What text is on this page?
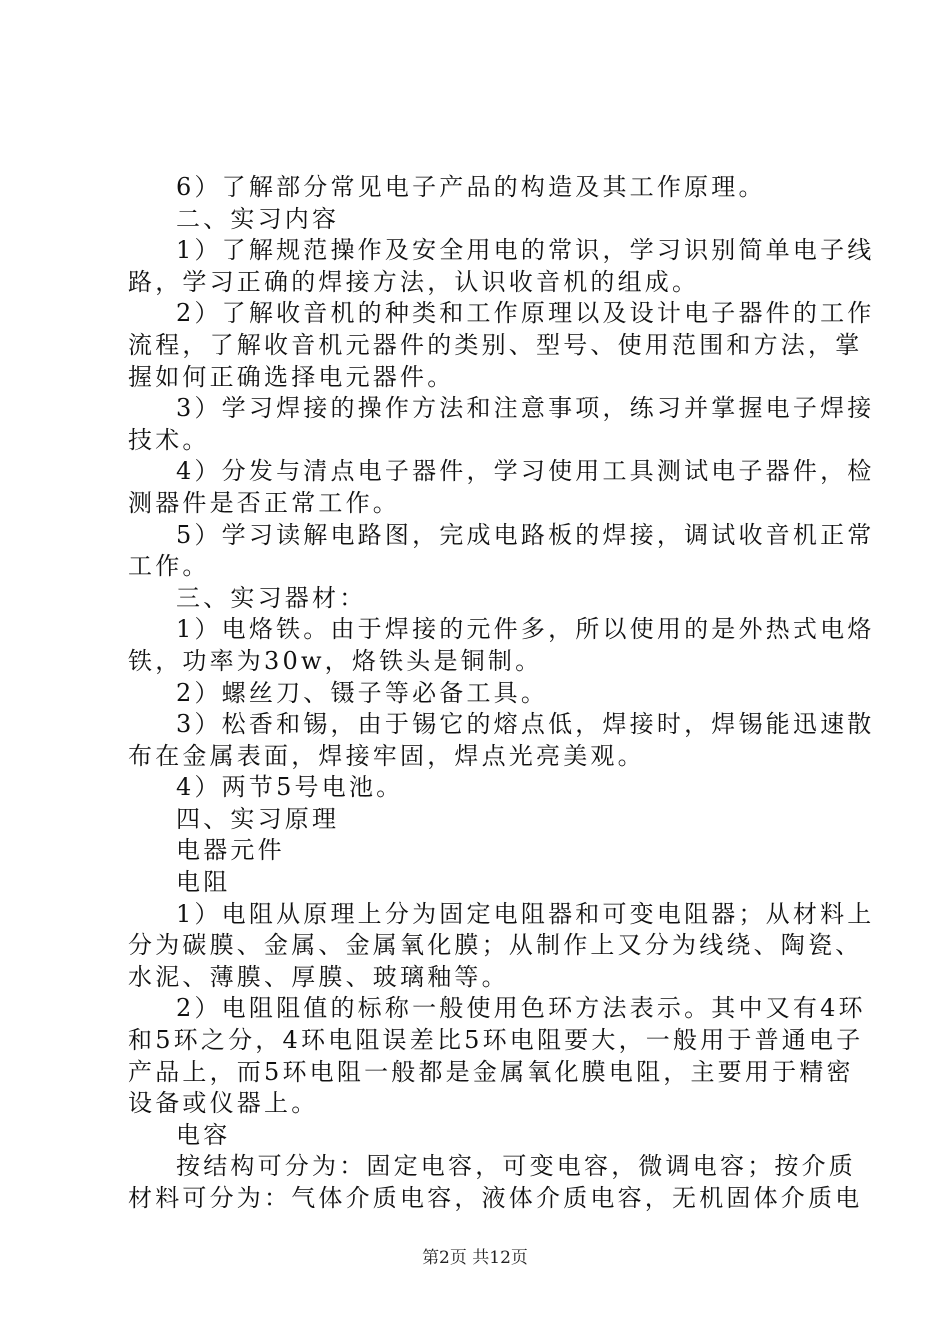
6）了解部分常见电子产品的构造及其工作原理。
二、实习内容
1）了解规范操作及安全用电的常识，学习识别简单电子线
路，学习正确的焊接方法，认识收音机的组成。
2）了解收音机的种类和工作原理以及设计电子器件的工作
流程，了解收音机元器件的类别、型号、使用范围和方法，掌
握如何正确选择电元器件。
3）学习焊接的操作方法和注意事项，练习并掌握电子焊接
技术。
4）分发与清点电子器件，学习使用工具测试电子器件，检
测器件是否正常工作。
5）学习读解电路图，完成电路板的焊接，调试收音机正常
工作。
三、实习器材：
1）电烙铁。由于焊接的元件多，所以使用的是外热式电烙
铁，功率为30w，烙铁头是铜制。
2）螺丝刀、镊子等必备工具。
3）松香和锡，由于锡它的熔点低，焊接时，焊锡能迅速散
布在金属表面，焊接牢固，焊点光亮美观。
4）两节5号电池。
四、实习原理
电器元件
电阻
1）电阻从原理上分为固定电阻器和可变电阻器；从材料上
分为碳膜、金属、金属氧化膜；从制作上又分为线绕、陶瓷、
水泥、薄膜、厚膜、玻璃釉等。
2）电阻阻值的标称一般使用色环方法表示。其中又有4环
和5环之分，4环电阻误差比5环电阻要大，一般用于普通电子
产品上，而5环电阻一般都是金属氧化膜电阻，主要用于精密
设备或仪器上。
电容
按结构可分为：固定电容，可变电容，微调电容；按介质
材料可分为：气体介质电容，液体介质电容，无机固体介质电
第2页 共12页
